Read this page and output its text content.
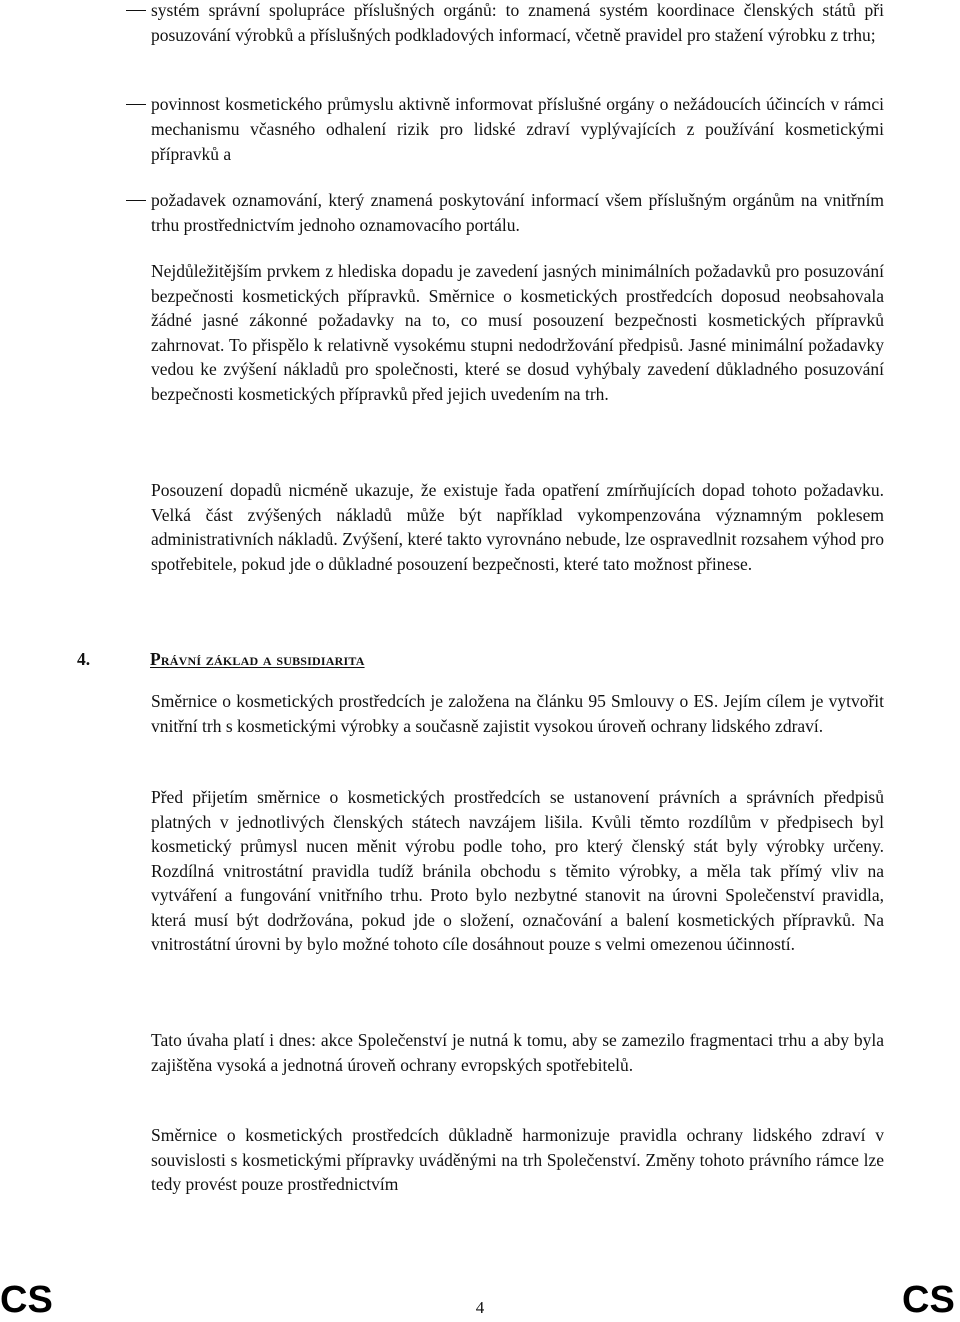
systém správní spolupráce příslušných orgánů: to znamená systém koordinace členských států při posuzování výrobků a příslušných podkladových informací, včetně pravidel pro stažení výrobku z trhu;
povinnost kosmetického průmyslu aktivně informovat příslušné orgány o nežádoucích účincích v rámci mechanismu včasného odhalení rizik pro lidské zdraví vyplývajících z používání kosmetickými přípravků a
požadavek oznamování, který znamená poskytování informací všem příslušným orgánům na vnitřním trhu prostřednictvím jednoho oznamovacího portálu.

Nejdůležitějším prvkem z hlediska dopadu je zavedení jasných minimálních požadavků pro posuzování bezpečnosti kosmetických přípravků. Směrnice o kosmetických prostředcích doposud neobsahovala žádné jasné zákonné požadavky na to, co musí posouzení bezpečnosti kosmetických přípravků zahrnovat. To přispělo k relativně vysokému stupni nedodržování předpisů. Jasné minimální požadavky vedou ke zvýšení nákladů pro společnosti, které se dosud vyhýbaly zavedení důkladného posuzování bezpečnosti kosmetických přípravků před jejich uvedením na trh.

Posouzení dopadů nicméně ukazuje, že existuje řada opatření zmírňujících dopad tohoto požadavku. Velká část zvýšených nákladů může být například vykompenzována významným poklesem administrativních nákladů. Zvýšení, které takto vyrovnáno nebude, lze ospravedlnit rozsahem výhod pro spotřebitele, pokud jde o důkladné posouzení bezpečnosti, které tato možnost přinese.

Směrnice o kosmetických prostředcích je založena na článku 95 Smlouvy o ES. Jejím cílem je vytvořit vnitřní trh s kosmetickými výrobky a současně zajistit vysokou úroveň ochrany lidského zdraví.

Před přijetím směrnice o kosmetických prostředcích se ustanovení právních a správních předpisů platných v jednotlivých členských státech navzájem lišila. Kvůli těmto rozdílům v předpisech byl kosmetický průmysl nucen měnit výrobu podle toho, pro který členský stát byly výrobky určeny. Rozdílná vnitrostátní pravidla tudíž bránila obchodu s těmito výrobky, a měla tak přímý vliv na vytváření a fungování vnitřního trhu. Proto bylo nezbytné stanovit na úrovni Společenství pravidla, která musí být dodržována, pokud jde o složení, označování a balení kosmetických přípravků. Na vnitrostátní úrovni by bylo možné tohoto cíle dosáhnout pouze s velmi omezenou účinností.

Tato úvaha platí i dnes: akce Společenství je nutná k tomu, aby se zamezilo fragmentaci trhu a aby byla zajištěna vysoká a jednotná úroveň ochrany evropských spotřebitelů.

Směrnice o kosmetických prostředcích důkladně harmonizuje pravidla ochrany lidského zdraví v souvislosti s kosmetickými přípravky uváděnými na trh Společenství. Změny tohoto právního rámce lze tedy provést pouze prostřednictvím

4.	Právní základ a subsidiarita
CS	4	CS
